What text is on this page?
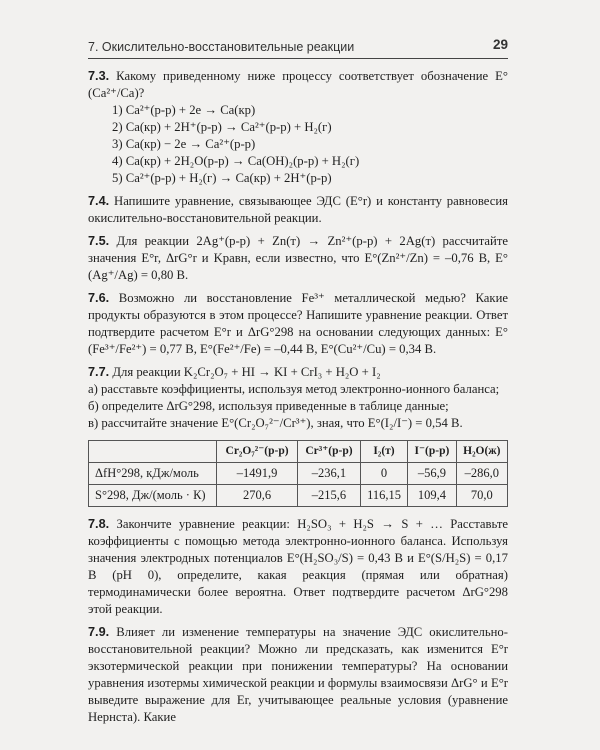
7. Окислительно-восстановительные реакции	29

7.3. Какому приведенному ниже процессу соответствует обозначение E°(Ca²⁺/Ca)?

1) Ca²⁺(р-р) + 2e → Ca(кр)

2) Ca(кр) + 2H⁺(р-р) → Ca²⁺(р-р) + H₂(г)

3) Ca(кр) − 2e → Ca²⁺(р-р)

4) Ca(кр) + 2H₂O(р-р) → Ca(OH)₂(р-р) + H₂(г)

5) Ca²⁺(р-р) + H₂(г) → Ca(кр) + 2H⁺(р-р)

7.4. Напишите уравнение, связывающее ЭДС (E°r) и константу равновесия окислительно-восстановительной реакции.

7.5. Для реакции 2Ag⁺(р-р) + Zn(т) → Zn²⁺(р-р) + 2Ag(т) рассчитайте значения E°r, ΔrG°r и Kравн, если известно, что E°(Zn²⁺/Zn) = –0,76 В, E°(Ag⁺/Ag) = 0,80 В.

7.6. Возможно ли восстановление Fe³⁺ металлической медью? Какие продукты образуются в этом процессе? Напишите уравнение реакции. Ответ подтвердите расчетом E°r и ΔrG°298 на основании следующих данных: E°(Fe³⁺/Fe²⁺) = 0,77 В, E°(Fe²⁺/Fe) = –0,44 В, E°(Cu²⁺/Cu) = 0,34 В.

7.7. Для реакции K₂Cr₂O₇ + HI → KI + CrI₃ + H₂O + I₂

а) расставьте коэффициенты, используя метод электронно-ионного баланса;

б) определите ΔrG°298, используя приведенные в таблице данные;

в) рассчитайте значение E°(Cr₂O₇²⁻/Cr³⁺), зная, что E°(I₂/I⁻) = 0,54 В.

	Cr₂O₇²⁻(р-р)	Cr³⁺(р-р)	I₂(т)	I⁻(р-р)	H₂O(ж)
ΔfH°298, кДж/моль	–1491,9	–236,1	0	–56,9	–286,0
S°298, Дж/(моль · К)	270,6	–215,6	116,15	109,4	70,0

7.8. Закончите уравнение реакции: H₂SO₃ + H₂S → S + … Расставьте коэффициенты с помощью метода электронно-ионного баланса. Используя значения электродных потенциалов E°(H₂SO₃/S) = 0,43 В и E°(S/H₂S) = 0,17 В (pH 0), определите, какая реакция (прямая или обратная) термодинамически более вероятна. Ответ подтвердите расчетом ΔrG°298 этой реакции.

7.9. Влияет ли изменение температуры на значение ЭДС окислительно-восстановительной реакции? Можно ли предсказать, как изменится E°r экзотермической реакции при понижении температуры? На основании уравнения изотермы химической реакции и формулы взаимосвязи ΔrG° и E°r выведите выражение для Er, учитывающее реальные условия (уравнение Нернста). Какие
